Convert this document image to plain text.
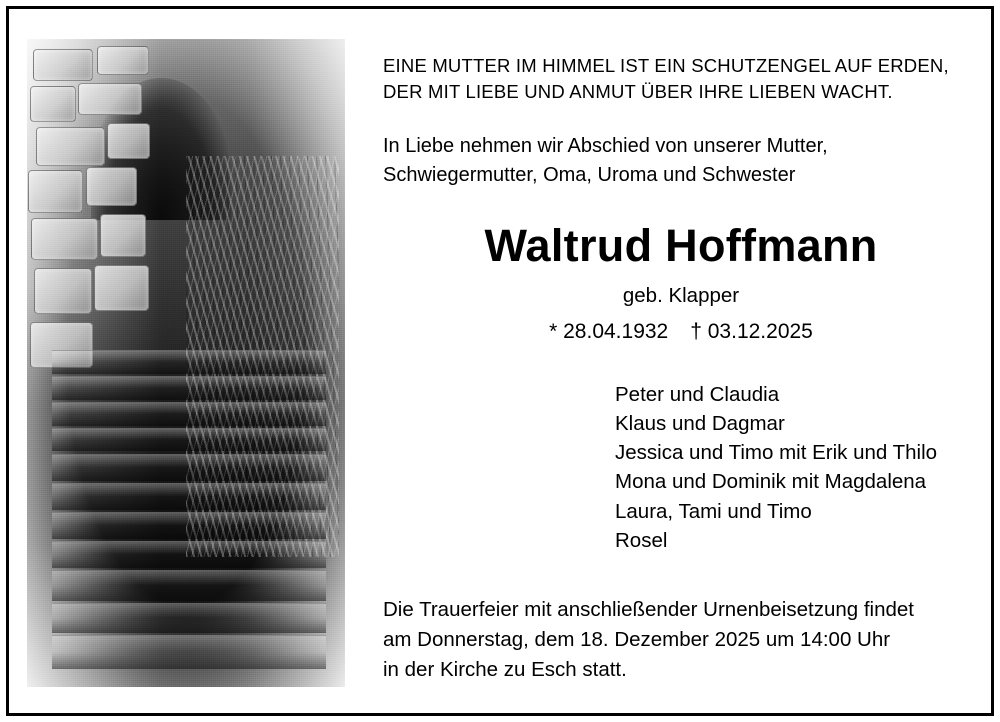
EINE MUTTER IM HIMMEL IST EIN SCHUTZENGEL AUF ERDEN,
DER MIT LIEBE UND ANMUT ÜBER IHRE LIEBEN WACHT.
In Liebe nehmen wir Abschied von unserer Mutter,
Schwiegermutter, Oma, Uroma und Schwester
Waltrud Hoffmann
geb. Klapper
* 28.04.1932 † 03.12.2025
Peter und Claudia
Klaus und Dagmar
Jessica und Timo mit Erik und Thilo
Mona und Dominik mit Magdalena
Laura, Tami und Timo
Rosel
Die Trauerfeier mit anschließender Urnenbeisetzung findet
am Donnerstag, dem 18. Dezember 2025 um 14:00 Uhr
in der Kirche zu Esch statt.
